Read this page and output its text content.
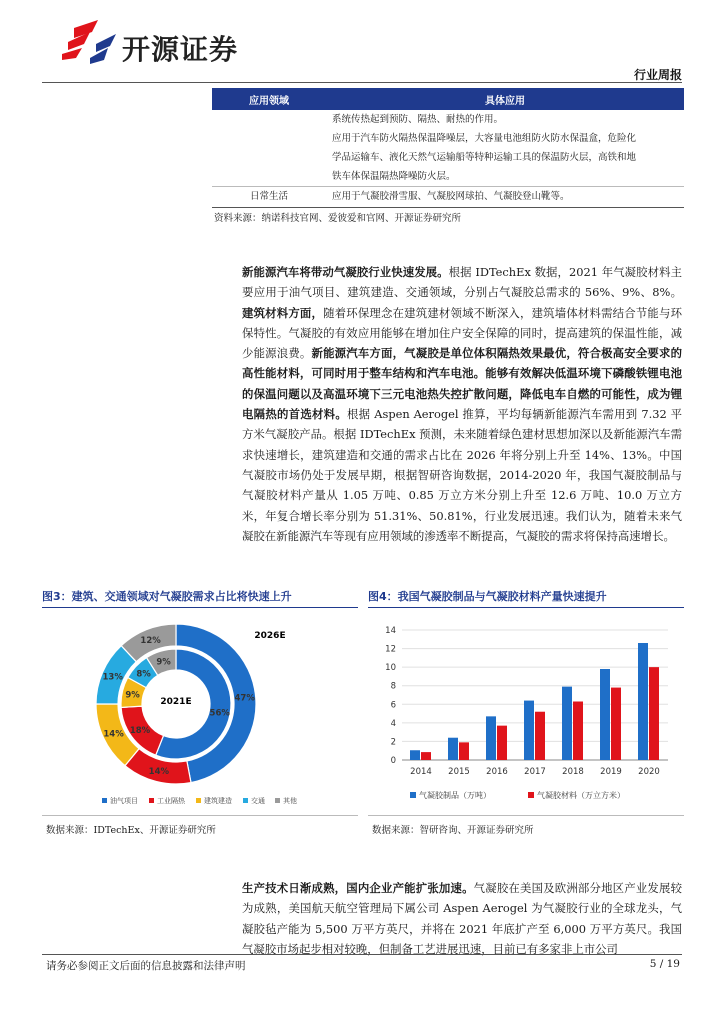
开源证券
行业周报
应用领域	具体应用
系统传热起到预防、隔热、耐热的作用。
应用于汽车防火隔热保温降噪层，大容量电池组防火防水保温盒，危险化
学品运输车、液化天然气运输船等特种运输工具的保温防火层，高铁和地
铁车体保温隔热降噪防火层。
日常生活	应用于气凝胶滑雪服、气凝胶网球拍、气凝胶登山靴等。
资料来源：纳诺科技官网、爱彼爱和官网、开源证券研究所
新能源汽车将带动气凝胶行业快速发展。根据 IDTechEx 数据，2021 年气凝胶材料主要应用于油气项目、建筑建造、交通领域，分别占气凝胶总需求的 56%、9%、8%。建筑材料方面，随着环保理念在建筑建材领域不断深入，建筑墙体材料需结合节能与环保特性。气凝胶的有效应用能够在增加住户安全保障的同时，提高建筑的保温性能，减少能源浪费。新能源汽车方面，气凝胶是单位体积隔热效果最优，符合极高安全要求的高性能材料，可同时用于整车结构和汽车电池。能够有效解决低温环境下磷酸铁锂电池的保温问题以及高温环境下三元电池热失控扩散问题，降低电车自燃的可能性，成为锂电隔热的首选材料。根据 Aspen Aerogel 推算，平均每辆新能源汽车需用到 7.32 平方米气凝胶产品。根据 IDTechEx 预测，未来随着绿色建材思想加深以及新能源汽车需求快速增长，建筑建造和交通的需求占比在 2026 年将分别上升至 14%、13%。中国气凝胶市场仍处于发展早期，根据智研咨询数据，2014-2020 年，我国气凝胶制品与气凝胶材料产量从 1.05 万吨、0.85 万立方米分别上升至 12.6 万吨、10.0 万立方米，年复合增长率分别为 51.31%、50.81%，行业发展迅速。我们认为，随着未来气凝胶在新能源汽车等现有应用领域的渗透率不断提高，气凝胶的需求将保持高速增长。
图3：建筑、交通领域对气凝胶需求占比将快速上升
2026E
2021E
56%
18%
9%
8%
9%
47%
14%
14%
13%
12%
油气项目	工业隔热	建筑建造	交通	其他
数据来源：IDTechEx、开源证券研究所
图4：我国气凝胶制品与气凝胶材料产量快速提升
0
2
4
6
8
10
12
14
2014 2015 2016 2017 2018 2019 2020
气凝胶制品（万吨）	气凝胶材料（万立方米）
数据来源：智研咨询、开源证券研究所
生产技术日渐成熟，国内企业产能扩张加速。气凝胶在美国及欧洲部分地区产业发展较为成熟，美国航天航空管理局下属公司 Aspen Aerogel 为气凝胶行业的全球龙头，气凝胶毡产能为 5,500 万平方英尺，并将在 2021 年底扩产至 6,000 万平方英尺。我国气凝胶市场起步相对较晚，但制备工艺进展迅速，目前已有多家非上市公司
请务必参阅正文后面的信息披露和法律声明	5 / 19
